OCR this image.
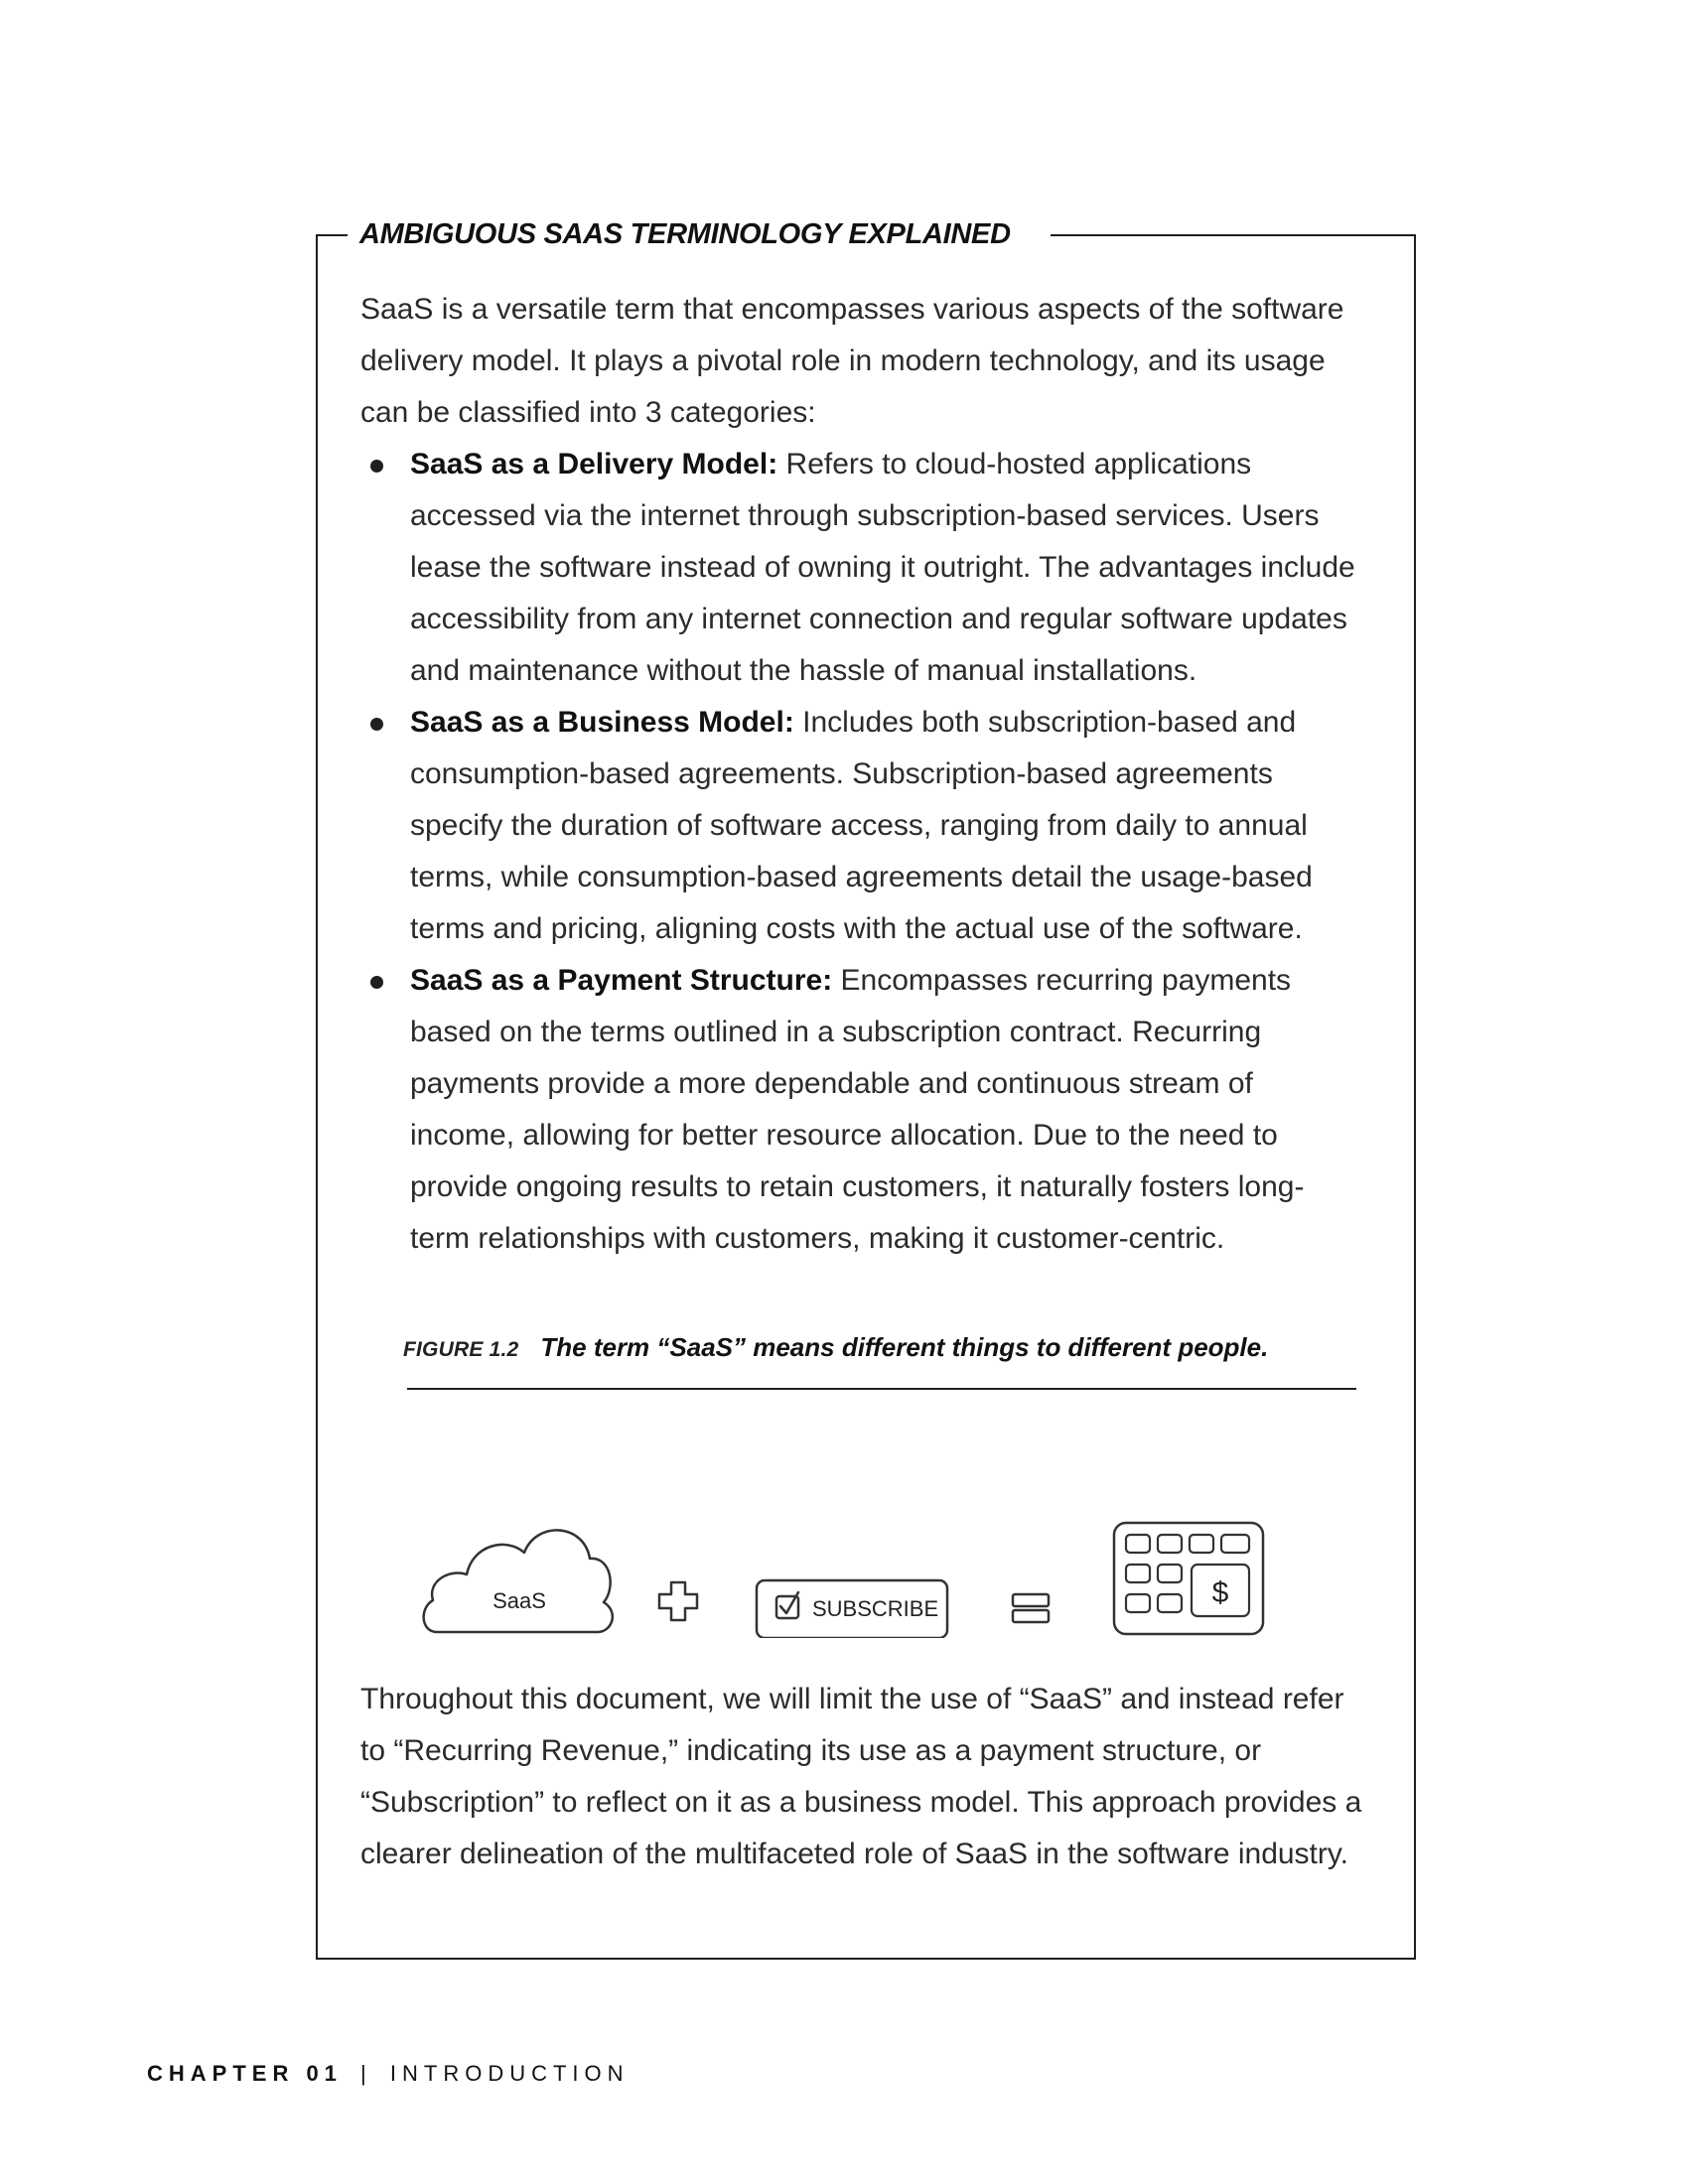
AMBIGUOUS SAAS TERMINOLOGY EXPLAINED

SaaS is a versatile term that encompasses various aspects of the software delivery model. It plays a pivotal role in modern technology, and its usage can be classified into 3 categories:

SaaS as a Delivery Model: Refers to cloud-hosted applications accessed via the internet through subscription-based services. Users lease the software instead of owning it outright. The advantages include accessibility from any internet connection and regular software updates and maintenance without the hassle of manual installations.
SaaS as a Business Model: Includes both subscription-based and consumption-based agreements. Subscription-based agreements specify the duration of software access, ranging from daily to annual terms, while consumption-based agreements detail the usage-based terms and pricing, aligning costs with the actual use of the software.
SaaS as a Payment Structure: Encompasses recurring payments based on the terms outlined in a subscription contract. Recurring payments provide a more dependable and continuous stream of income, allowing for better resource allocation. Due to the need to provide ongoing results to retain customers, it naturally fosters long-term relationships with customers, making it customer-centric.
FIGURE 1.2 The term “SaaS” means different things to different people.
SaaS	SUBSCRIBE	$

Throughout this document, we will limit the use of “SaaS” and instead refer to “Recurring Revenue,” indicating its use as a payment structure, or “Subscription” to reflect on it as a business model. This approach provides a clearer delineation of the multifaceted role of SaaS in the software industry.

CHAPTER 01 | INTRODUCTION
